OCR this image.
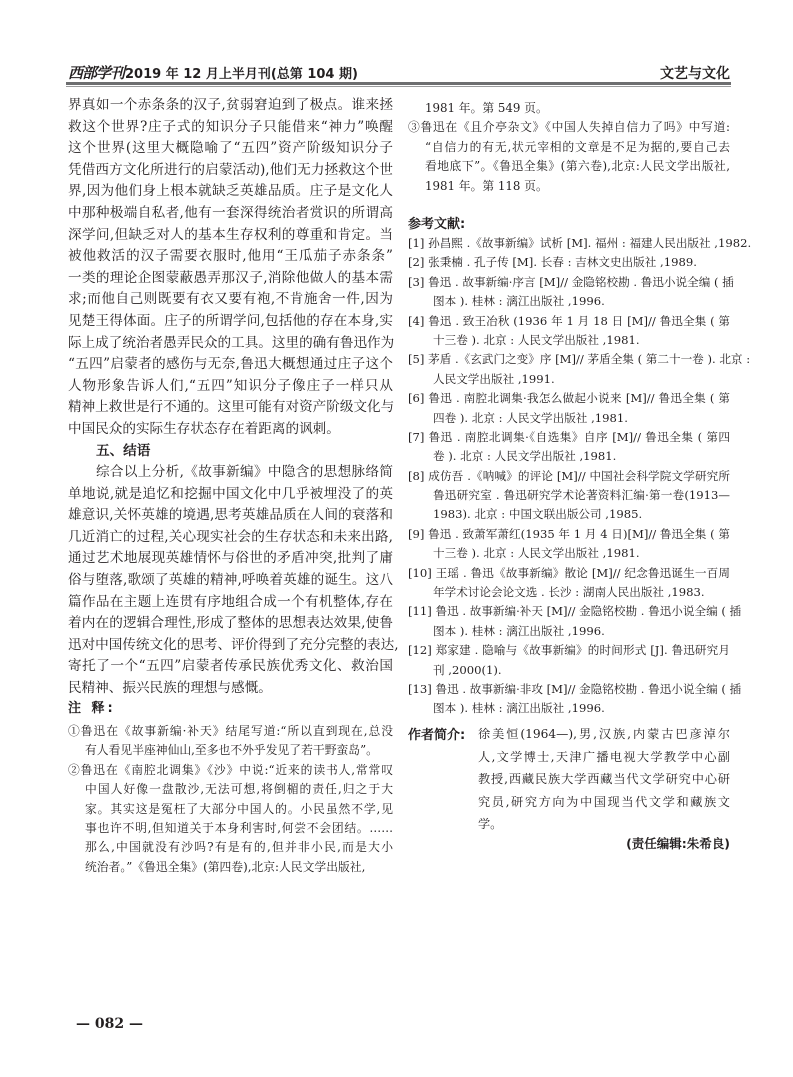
西部学刊2019 年 12 月上半月刊(总第 104 期)	文艺与文化
界真如一个赤条条的汉子,贫弱窘迫到了极点。谁来拯
救这个世界?庄子式的知识分子只能借来“神力”唤醒
这个世界(这里大概隐喻了“五四”资产阶级知识分子
凭借西方文化所进行的启蒙活动),他们无力拯救这个世
界,因为他们身上根本就缺乏英雄品质。庄子是文化人
中那种极端自私者,他有一套深得统治者赏识的所谓高
深学问,但缺乏对人的基本生存权利的尊重和肯定。当
被他救活的汉子需要衣服时,他用“王瓜茄子赤条条”
一类的理论企图蒙蔽愚弄那汉子,消除他做人的基本需
求;而他自己则既要有衣又要有袍,不肯施舍一件,因为
见楚王得体面。庄子的所谓学问,包括他的存在本身,实
际上成了统治者愚弄民众的工具。这里的确有鲁迅作为
“五四”启蒙者的感伤与无奈,鲁迅大概想通过庄子这个
人物形象告诉人们,“五四”知识分子像庄子一样只从
精神上救世是行不通的。这里可能有对资产阶级文化与
中国民众的实际生存状态存在着距离的讽刺。
五、结语
综合以上分析,《故事新编》中隐含的思想脉络简
单地说,就是追忆和挖掘中国文化中几乎被埋没了的英
雄意识,关怀英雄的境遇,思考英雄品质在人间的衰落和
几近消亡的过程,关心现实社会的生存状态和未来出路,
通过艺术地展现英雄情怀与俗世的矛盾冲突,批判了庸
俗与堕落,歌颂了英雄的精神,呼唤着英雄的诞生。这八
篇作品在主题上连贯有序地组合成一个有机整体,存在
着内在的逻辑合理性,形成了整体的思想表达效果,使鲁
迅对中国传统文化的思考、评价得到了充分完整的表达,
寄托了一个“五四”启蒙者传承民族优秀文化、救治国
民精神、振兴民族的理想与感慨。
注 释:
①鲁迅在《故事新编·补天》结尾写道:“所以直到现在,总没
有人看见半座神仙山,至多也不外乎发见了若干野蛮岛”。
②鲁迅在《南腔北调集》《沙》中说:“近来的读书人,常常叹
中国人好像一盘散沙,无法可想,将倒楣的责任,归之于大
家。其实这是冤枉了大部分中国人的。小民虽然不学,见
事也许不明,但知道关于本身利害时,何尝不会团结。……
那么,中国就没有沙吗?有是有的,但并非小民,而是大小
统治者。”《鲁迅全集》(第四卷),北京:人民文学出版社,
1981 年。第 549 页。
③鲁迅在《且介亭杂文》《中国人失掉自信力了吗》中写道:
“自信力的有无,状元宰相的文章是不足为据的,要自己去
看地底下”。《鲁迅全集》(第六卷),北京:人民文学出版社,
1981 年。第 118 页。
参考文献:
[1] 孙昌熙 .《故事新编》试析 [M]. 福州 : 福建人民出版社 ,1982.
[2] 张秉楠 . 孔子传 [M]. 长春 : 吉林文史出版社 ,1989.
[3] 鲁迅 . 故事新编·序言 [M]// 金隐铭校勘 . 鲁迅小说全编 ( 插
图本 ). 桂林 : 漓江出版社 ,1996.
[4] 鲁迅 . 致王冶秋 (1936 年 1 月 18 日 [M]// 鲁迅全集 ( 第
十三卷 ). 北京 : 人民文学出版社 ,1981.
[5] 茅盾 .《玄武门之变》序 [M]// 茅盾全集 ( 第二十一卷 ). 北京 :
人民文学出版社 ,1991.
[6] 鲁迅 . 南腔北调集·我怎么做起小说来 [M]// 鲁迅全集 ( 第
四卷 ). 北京 : 人民文学出版社 ,1981.
[7] 鲁迅 . 南腔北调集·《自选集》自序 [M]// 鲁迅全集 ( 第四
卷 ). 北京 : 人民文学出版社 ,1981.
[8] 成仿吾 .《呐喊》的评论 [M]// 中国社会科学院文学研究所
鲁迅研究室 . 鲁迅研究学术论著资料汇编·第一卷(1913—
1983). 北京 : 中国文联出版公司 ,1985.
[9] 鲁迅 . 致萧军萧红(1935 年 1 月 4 日)[M]// 鲁迅全集 ( 第
十三卷 ). 北京 : 人民文学出版社 ,1981.
[10] 王瑶 . 鲁迅《故事新编》散论 [M]// 纪念鲁迅诞生一百周
年学术讨论会论文选 . 长沙 : 湖南人民出版社 ,1983.
[11] 鲁迅 . 故事新编·补天 [M]// 金隐铭校勘 . 鲁迅小说全编 ( 插
图本 ). 桂林 : 漓江出版社 ,1996.
[12] 郑家建 . 隐喻与《故事新编》的时间形式 [J]. 鲁迅研究月
刊 ,2000(1).
[13] 鲁迅 . 故事新编·非攻 [M]// 金隐铭校勘 . 鲁迅小说全编 ( 插
图本 ). 桂林 : 漓江出版社 ,1996.
作者简介: 徐美恒(1964—),男,汉族,内蒙古巴彦淖尔
人,文学博士,天津广播电视大学教学中心副
教授,西藏民族大学西藏当代文学研究中心研
究员,研究方向为中国现当代文学和藏族文
学。
(责任编辑:朱希良)
— 082 —
